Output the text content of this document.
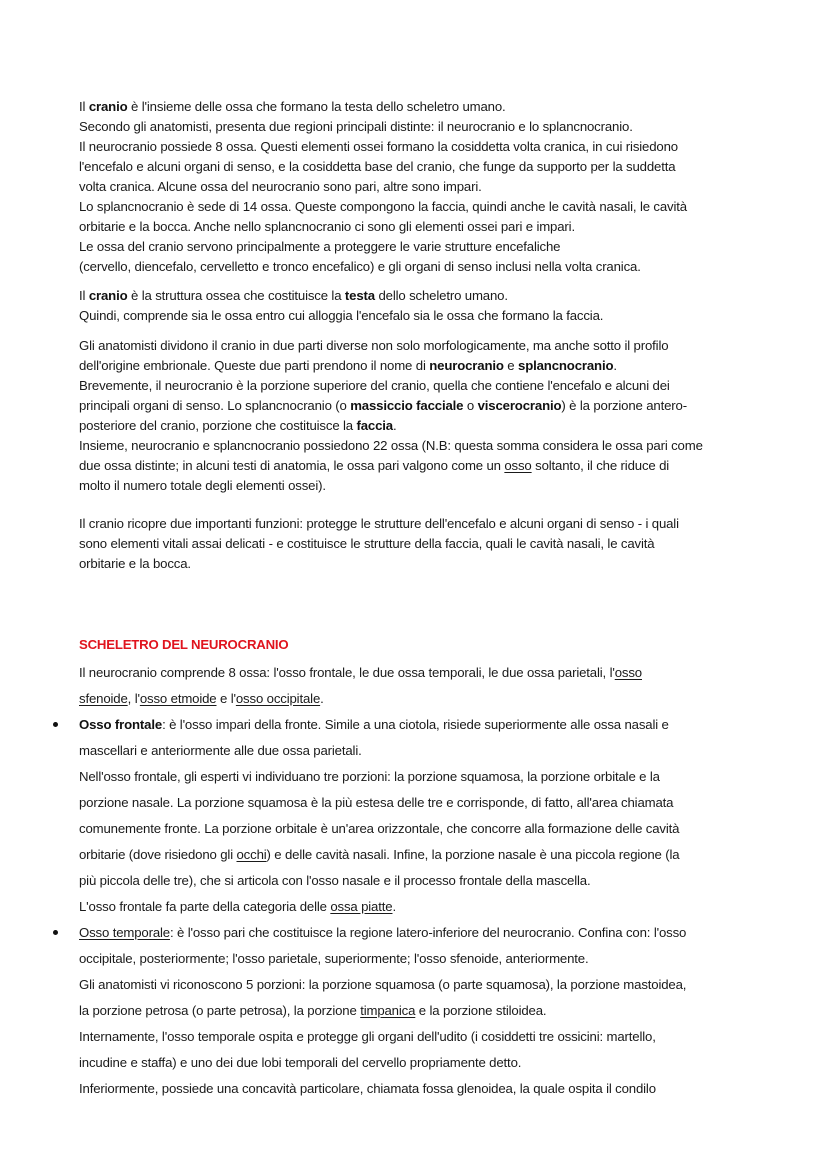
Il cranio è l'insieme delle ossa che formano la testa dello scheletro umano.
Secondo gli anatomisti, presenta due regioni principali distinte: il neurocranio e lo splancnocranio.
Il neurocranio possiede 8 ossa. Questi elementi ossei formano la cosiddetta volta cranica, in cui risiedono
l'encefalo e alcuni organi di senso, e la cosiddetta base del cranio, che funge da supporto per la suddetta
volta cranica. Alcune ossa del neurocranio sono pari, altre sono impari.
Lo splancnocranio è sede di 14 ossa. Queste compongono la faccia, quindi anche le cavità nasali, le cavità
orbitarie e la bocca. Anche nello splancnocranio ci sono gli elementi ossei pari e impari.
Le ossa del cranio servono principalmente a proteggere le varie strutture encefaliche
(cervello, diencefalo, cervelletto e tronco encefalico) e gli organi di senso inclusi nella volta cranica.
Il cranio è la struttura ossea che costituisce la testa dello scheletro umano.
Quindi, comprende sia le ossa entro cui alloggia l'encefalo sia le ossa che formano la faccia.
Gli anatomisti dividono il cranio in due parti diverse non solo morfologicamente, ma anche sotto il profilo
dell'origine embrionale. Queste due parti prendono il nome di neurocranio e splancnocranio.
Brevemente, il neurocranio è la porzione superiore del cranio, quella che contiene l'encefalo e alcuni dei
principali organi di senso. Lo splancnocranio (o massiccio facciale o viscerocranio) è la porzione antero-
posteriore del cranio, porzione che costituisce la faccia.
Insieme, neurocranio e splancnocranio possiedono 22 ossa (N.B: questa somma considera le ossa pari come
due ossa distinte; in alcuni testi di anatomia, le ossa pari valgono come un osso soltanto, il che riduce di
molto il numero totale degli elementi ossei).
Il cranio ricopre due importanti funzioni: protegge le strutture dell'encefalo e alcuni organi di senso - i quali
sono elementi vitali assai delicati - e costituisce le strutture della faccia, quali le cavità nasali, le cavità
orbitarie e la bocca.
SCHELETRO DEL NEUROCRANIO
Il neurocranio comprende 8 ossa: l'osso frontale, le due ossa temporali, le due ossa parietali, l'osso
sfenoide, l'osso etmoide e l'osso occipitale.
Osso frontale: è l'osso impari della fronte. Simile a una ciotola, risiede superiormente alle ossa nasali e
mascellari e anteriormente alle due ossa parietali.
Nell'osso frontale, gli esperti vi individuano tre porzioni: la porzione squamosa, la porzione orbitale e la
porzione nasale. La porzione squamosa è la più estesa delle tre e corrisponde, di fatto, all'area chiamata
comunemente fronte. La porzione orbitale è un'area orizzontale, che concorre alla formazione delle cavità
orbitarie (dove risiedono gli occhi) e delle cavità nasali. Infine, la porzione nasale è una piccola regione (la
più piccola delle tre), che si articola con l'osso nasale e il processo frontale della mascella.
L'osso frontale fa parte della categoria delle ossa piatte.
Osso temporale: è l'osso pari che costituisce la regione latero-inferiore del neurocranio. Confina con: l'osso
occipitale, posteriormente; l'osso parietale, superiormente; l'osso sfenoide, anteriormente.
Gli anatomisti vi riconoscono 5 porzioni: la porzione squamosa (o parte squamosa), la porzione mastoidea,
la porzione petrosa (o parte petrosa), la porzione timpanica e la porzione stiloidea.
Internamente, l'osso temporale ospita e protegge gli organi dell'udito (i cosiddetti tre ossicini: martello,
incudine e staffa) e uno dei due lobi temporali del cervello propriamente detto.
Inferiormente, possiede una concavità particolare, chiamata fossa glenoidea, la quale ospita il condilo
